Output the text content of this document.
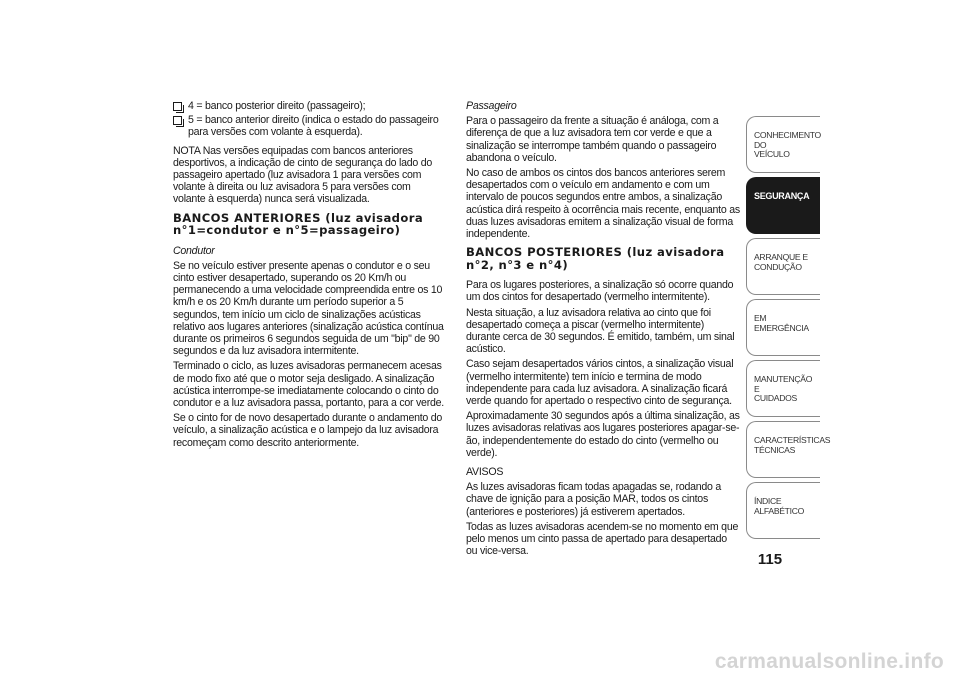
4 = banco posterior direito (passageiro);
5 = banco anterior direito (indica o estado do passageiro para versões com volante à esquerda).

NOTA Nas versões equipadas com bancos anteriores desportivos, a indicação de cinto de segurança do lado do passageiro apertado (luz avisadora 1 para versões com volante à direita ou luz avisadora 5 para versões com volante à esquerda) nunca será visualizada.

BANCOS ANTERIORES (luz avisadora n°1=condutor e n°5=passageiro)

Condutor

Se no veículo estiver presente apenas o condutor e o seu cinto estiver desapertado, superando os 20 Km/h ou permanecendo a uma velocidade compreendida entre os 10 km/h e os 20 Km/h durante um período superior a 5 segundos, tem início um ciclo de sinalizações acústicas relativo aos lugares anteriores (sinalização acústica contínua durante os primeiros 6 segundos seguida de um "bip" de 90 segundos e da luz avisadora intermitente.

Terminado o ciclo, as luzes avisadoras permanecem acesas de modo fixo até que o motor seja desligado. A sinalização acústica interrompe-se imediatamente colocando o cinto do condutor e a luz avisadora passa, portanto, para a cor verde.

Se o cinto for de novo desapertado durante o andamento do veículo, a sinalização acústica e o lampejo da luz avisadora recomeçam como descrito anteriormente.

Passageiro

Para o passageiro da frente a situação é análoga, com a diferença de que a luz avisadora tem cor verde e que a sinalização se interrompe também quando o passageiro abandona o veículo.

No caso de ambos os cintos dos bancos anteriores serem desapertados com o veículo em andamento e com um intervalo de poucos segundos entre ambos, a sinalização acústica dirá respeito à ocorrência mais recente, enquanto as duas luzes avisadoras emitem a sinalização visual de forma independente.

BANCOS POSTERIORES (luz avisadora n°2, n°3 e n°4)

Para os lugares posteriores, a sinalização só ocorre quando um dos cintos for desapertado (vermelho intermitente).

Nesta situação, a luz avisadora relativa ao cinto que foi desapertado começa a piscar (vermelho intermitente) durante cerca de 30 segundos. É emitido, também, um sinal acústico.

Caso sejam desapertados vários cintos, a sinalização visual (vermelho intermitente) tem início e termina de modo independente para cada luz avisadora. A sinalização ficará verde quando for apertado o respectivo cinto de segurança.

Aproximadamente 30 segundos após a última sinalização, as luzes avisadoras relativas aos lugares posteriores apagar-se-ão, independentemente do estado do cinto (vermelho ou verde).

AVISOS

As luzes avisadoras ficam todas apagadas se, rodando a chave de ignição para a posição MAR, todos os cintos (anteriores e posteriores) já estiverem apertados.

Todas as luzes avisadoras acendem-se no momento em que pelo menos um cinto passa de apertado para desapertado ou vice-versa.

CONHECIMENTO DO
VEÍCULO
SEGURANÇA
ARRANQUE E
CONDUÇÃO
EM EMERGÊNCIA
MANUTENÇÃO E
CUIDADOS
CARACTERÍSTICAS
TÉCNICAS
ÍNDICE ALFABÉTICO
115
carmanualsonline.info
